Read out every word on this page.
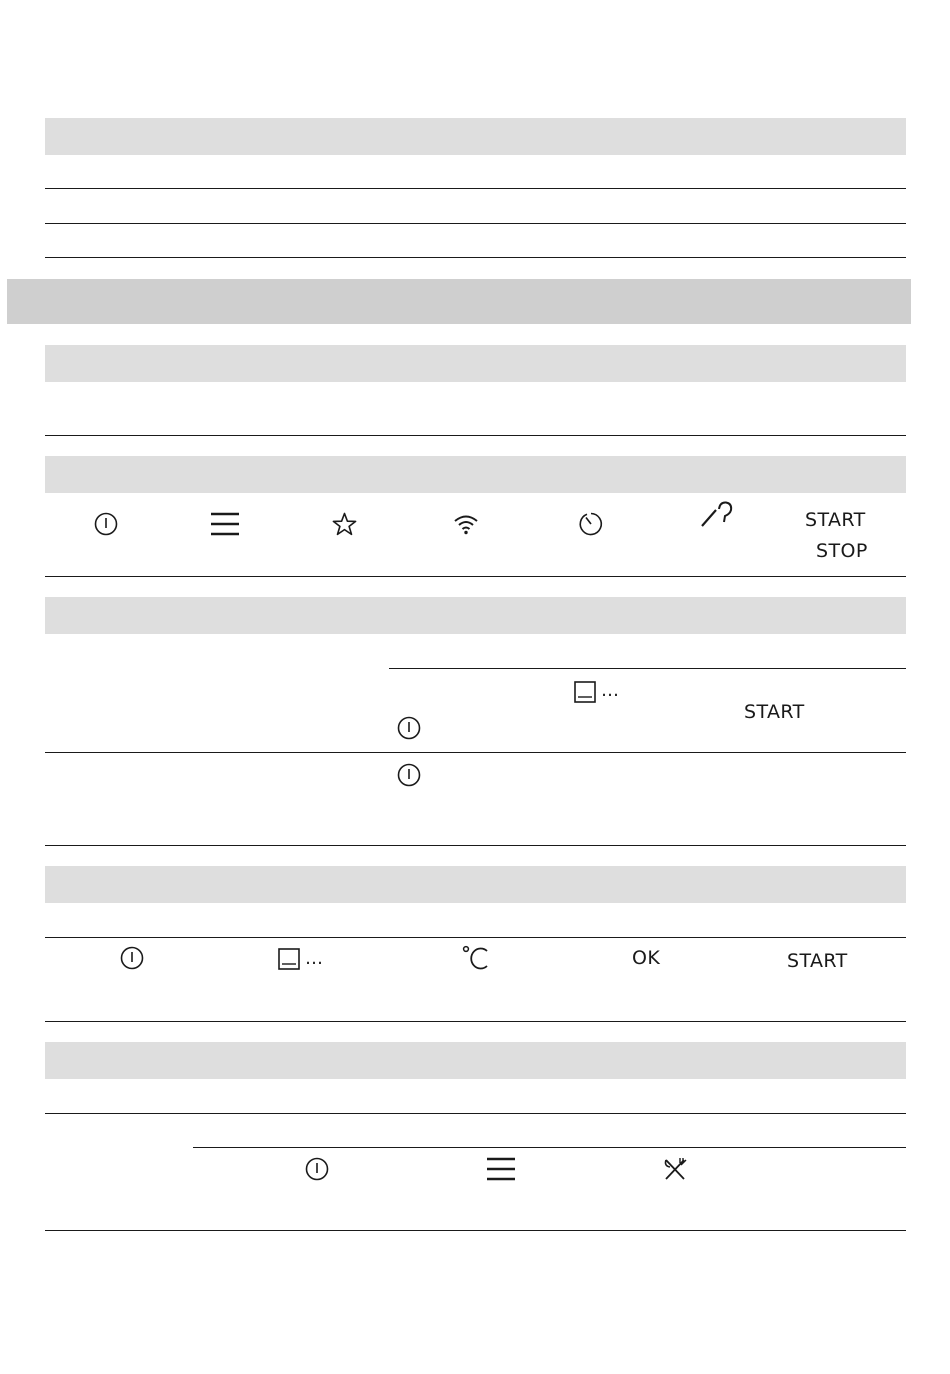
START
STOP
…
START
…	OK	START
